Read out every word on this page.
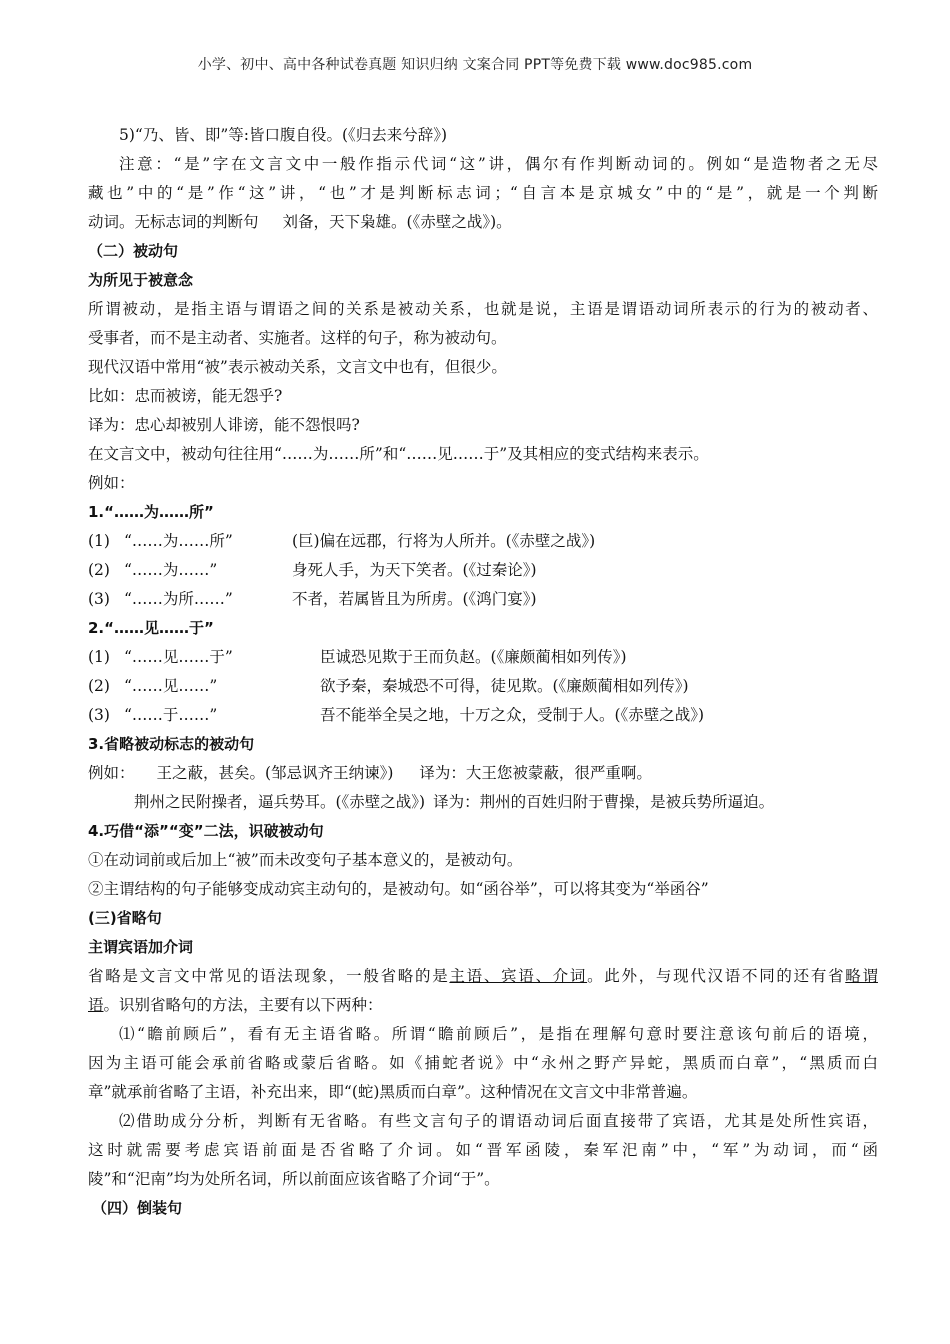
小学、初中、高中各种试卷真题 知识归纳 文案合同 PPT等免费下载 www.doc985.com
5)“乃、皆、即”等:皆口腹自役。(《归去来兮辞》)
注意：“是”字在文言文中一般作指示代词“这”讲，偶尔有作判断动词的。例如“是造物者之无尽
藏也”中的“是”作“这”讲，“也”才是判断标志词；“自言本是京城女”中的“是”，就是一个判断
动词。无标志词的判断句 刘备，天下枭雄。(《赤壁之战》)。
（二）被动句
为所见于被意念
所谓被动，是指主语与谓语之间的关系是被动关系，也就是说，主语是谓语动词所表示的行为的被动者、
受事者，而不是主动者、实施者。这样的句子，称为被动句。
现代汉语中常用“被”表示被动关系，文言文中也有，但很少。
比如：忠而被谤，能无怨乎?
译为：忠心却被别人诽谤，能不怨恨吗?
在文言文中，被动句往往用“……为……所”和“……见……于”及其相应的变式结构来表示。
例如：
1.“……为……所”
(1) “……为……所”	(巨)偏在远郡，行将为人所并。(《赤壁之战》)
(2) “……为……”	身死人手，为天下笑者。(《过秦论》)
(3) “……为所……”	不者，若属皆且为所虏。(《鸿门宴》)
2.“……见……于”
(1) “……见……于”	臣诚恐见欺于王而负赵。(《廉颇蔺相如列传》)
(2) “……见……”	欲予秦，秦城恐不可得，徒见欺。(《廉颇蔺相如列传》)
(3) “……于……”	吾不能举全吴之地，十万之众，受制于人。(《赤壁之战》)
3.省略被动标志的被动句
例如： 王之蔽，甚矣。(邹忌讽齐王纳谏》) 译为：大王您被蒙蔽，很严重啊。
荆州之民附操者，逼兵势耳。(《赤壁之战》) 译为：荆州的百姓归附于曹操，是被兵势所逼迫。
4.巧借“添”“变”二法，识破被动句
①在动词前或后加上“被”而未改变句子基本意义的，是被动句。
②主谓结构的句子能够变成动宾主动句的，是被动句。如“函谷举”，可以将其变为“举函谷”
(三)省略句
主谓宾语加介词
省略是文言文中常见的语法现象，一般省略的是主语、宾语、介词。此外，与现代汉语不同的还有省略谓
语。识别省略句的方法，主要有以下两种：
⑴“瞻前顾后”，看有无主语省略。所谓“瞻前顾后”，是指在理解句意时要注意该句前后的语境，
因为主语可能会承前省略或蒙后省略。如《捕蛇者说》中“永州之野产异蛇，黑质而白章”，“黑质而白
章”就承前省略了主语，补充出来，即“(蛇)黑质而白章”。这种情况在文言文中非常普遍。
⑵借助成分分析，判断有无省略。有些文言句子的谓语动词后面直接带了宾语，尤其是处所性宾语，
这时就需要考虑宾语前面是否省略了介词。如“晋军函陵，秦军汜南”中，“军”为动词，而“函
陵”和“汜南”均为处所名词，所以前面应该省略了介词“于”。
（四）倒装句
